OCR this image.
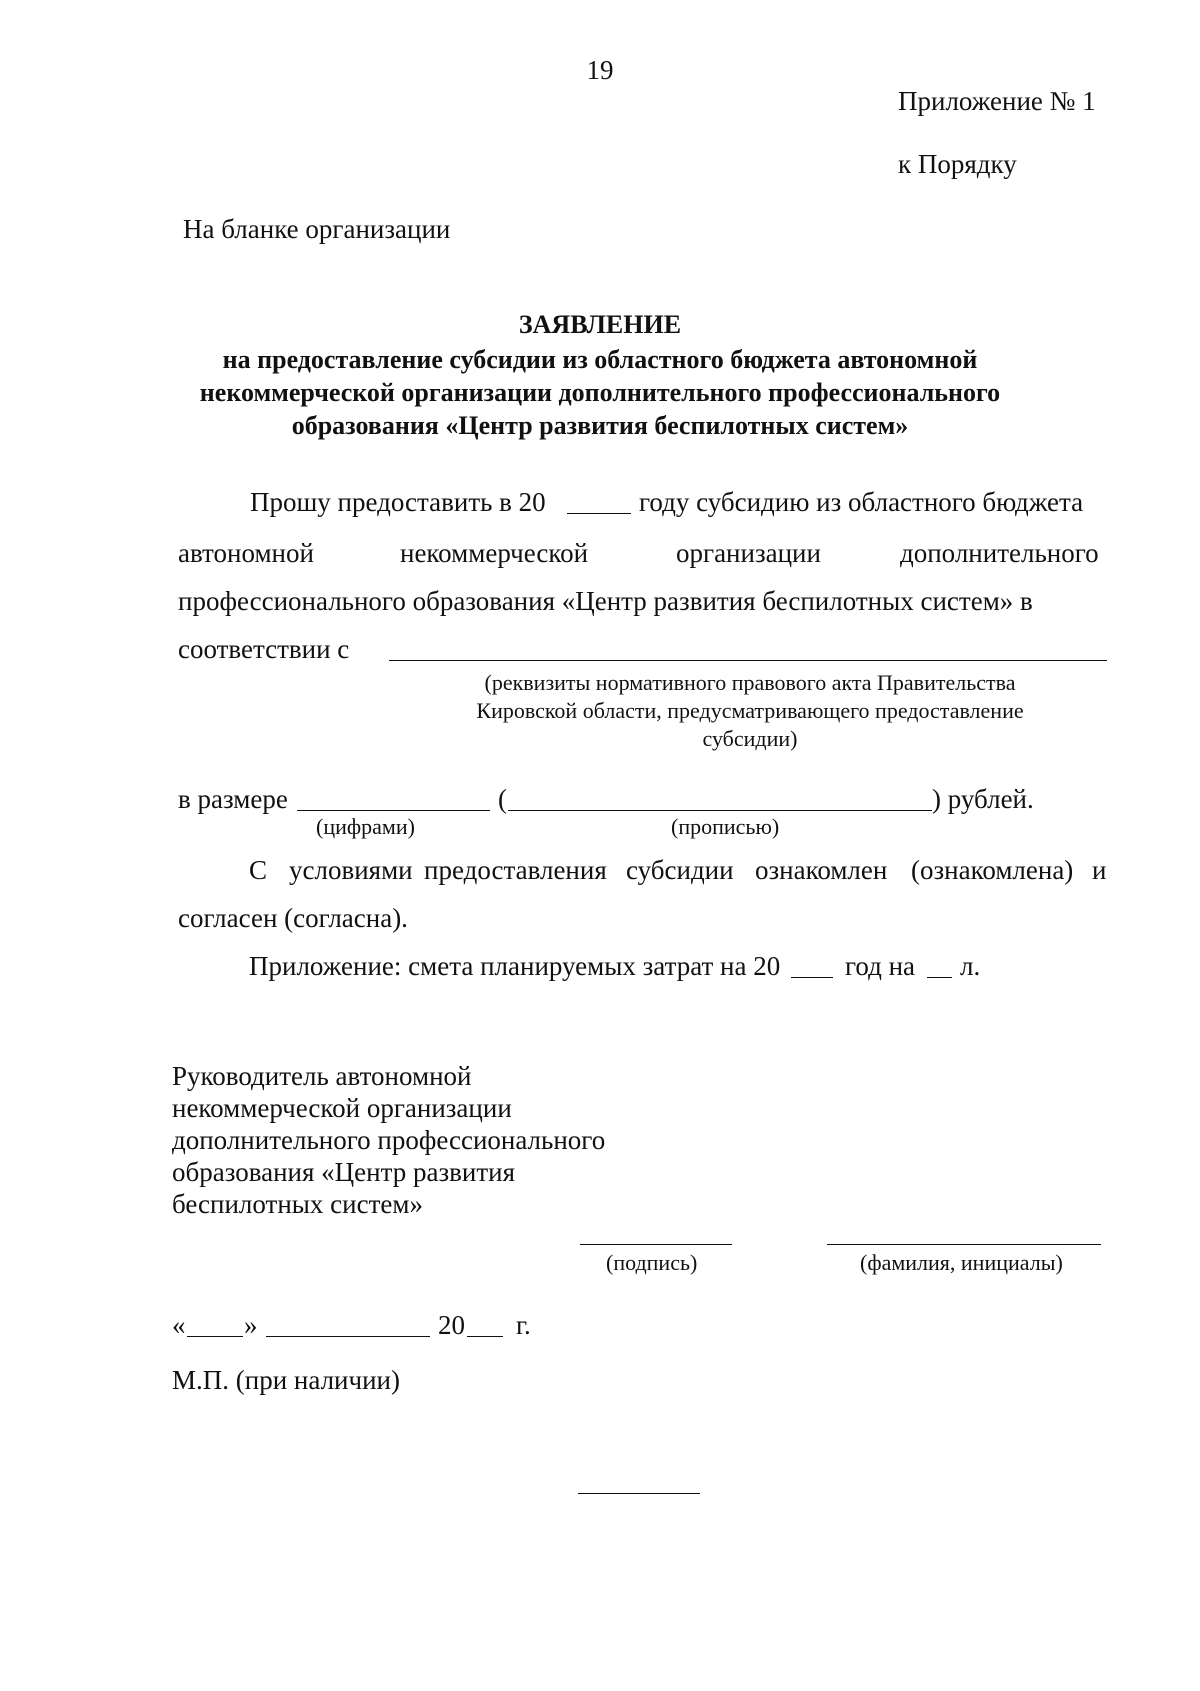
19
Приложение № 1
к Порядку
На бланке организации
ЗАЯВЛЕНИЕ
на предоставление субсидии из областного бюджета автономной
некоммерческой организации дополнительного профессионального
образования «Центр развития беспилотных систем»
Прошу предоставить в 20	году субсидию из областного бюджета
автономной	некоммерческой	организации	дополнительного
профессионального образования «Центр развития беспилотных систем» в
соответствии с
(реквизиты нормативного правового акта Правительства
Кировской области, предусматривающего предоставление
субсидии)
в размере	(	) рублей.
(цифрами)	(прописью)
С условиями предоставления субсидии ознакомлен (ознакомлена) и
согласен (согласна).
Приложение: смета планируемых затрат на 20 год на л.
Руководитель автономной
некоммерческой организации
дополнительного профессионального
образования «Центр развития
беспилотных систем»
(подпись)	(фамилия, инициалы)
« »	20 г.
М.П. (при наличии)
